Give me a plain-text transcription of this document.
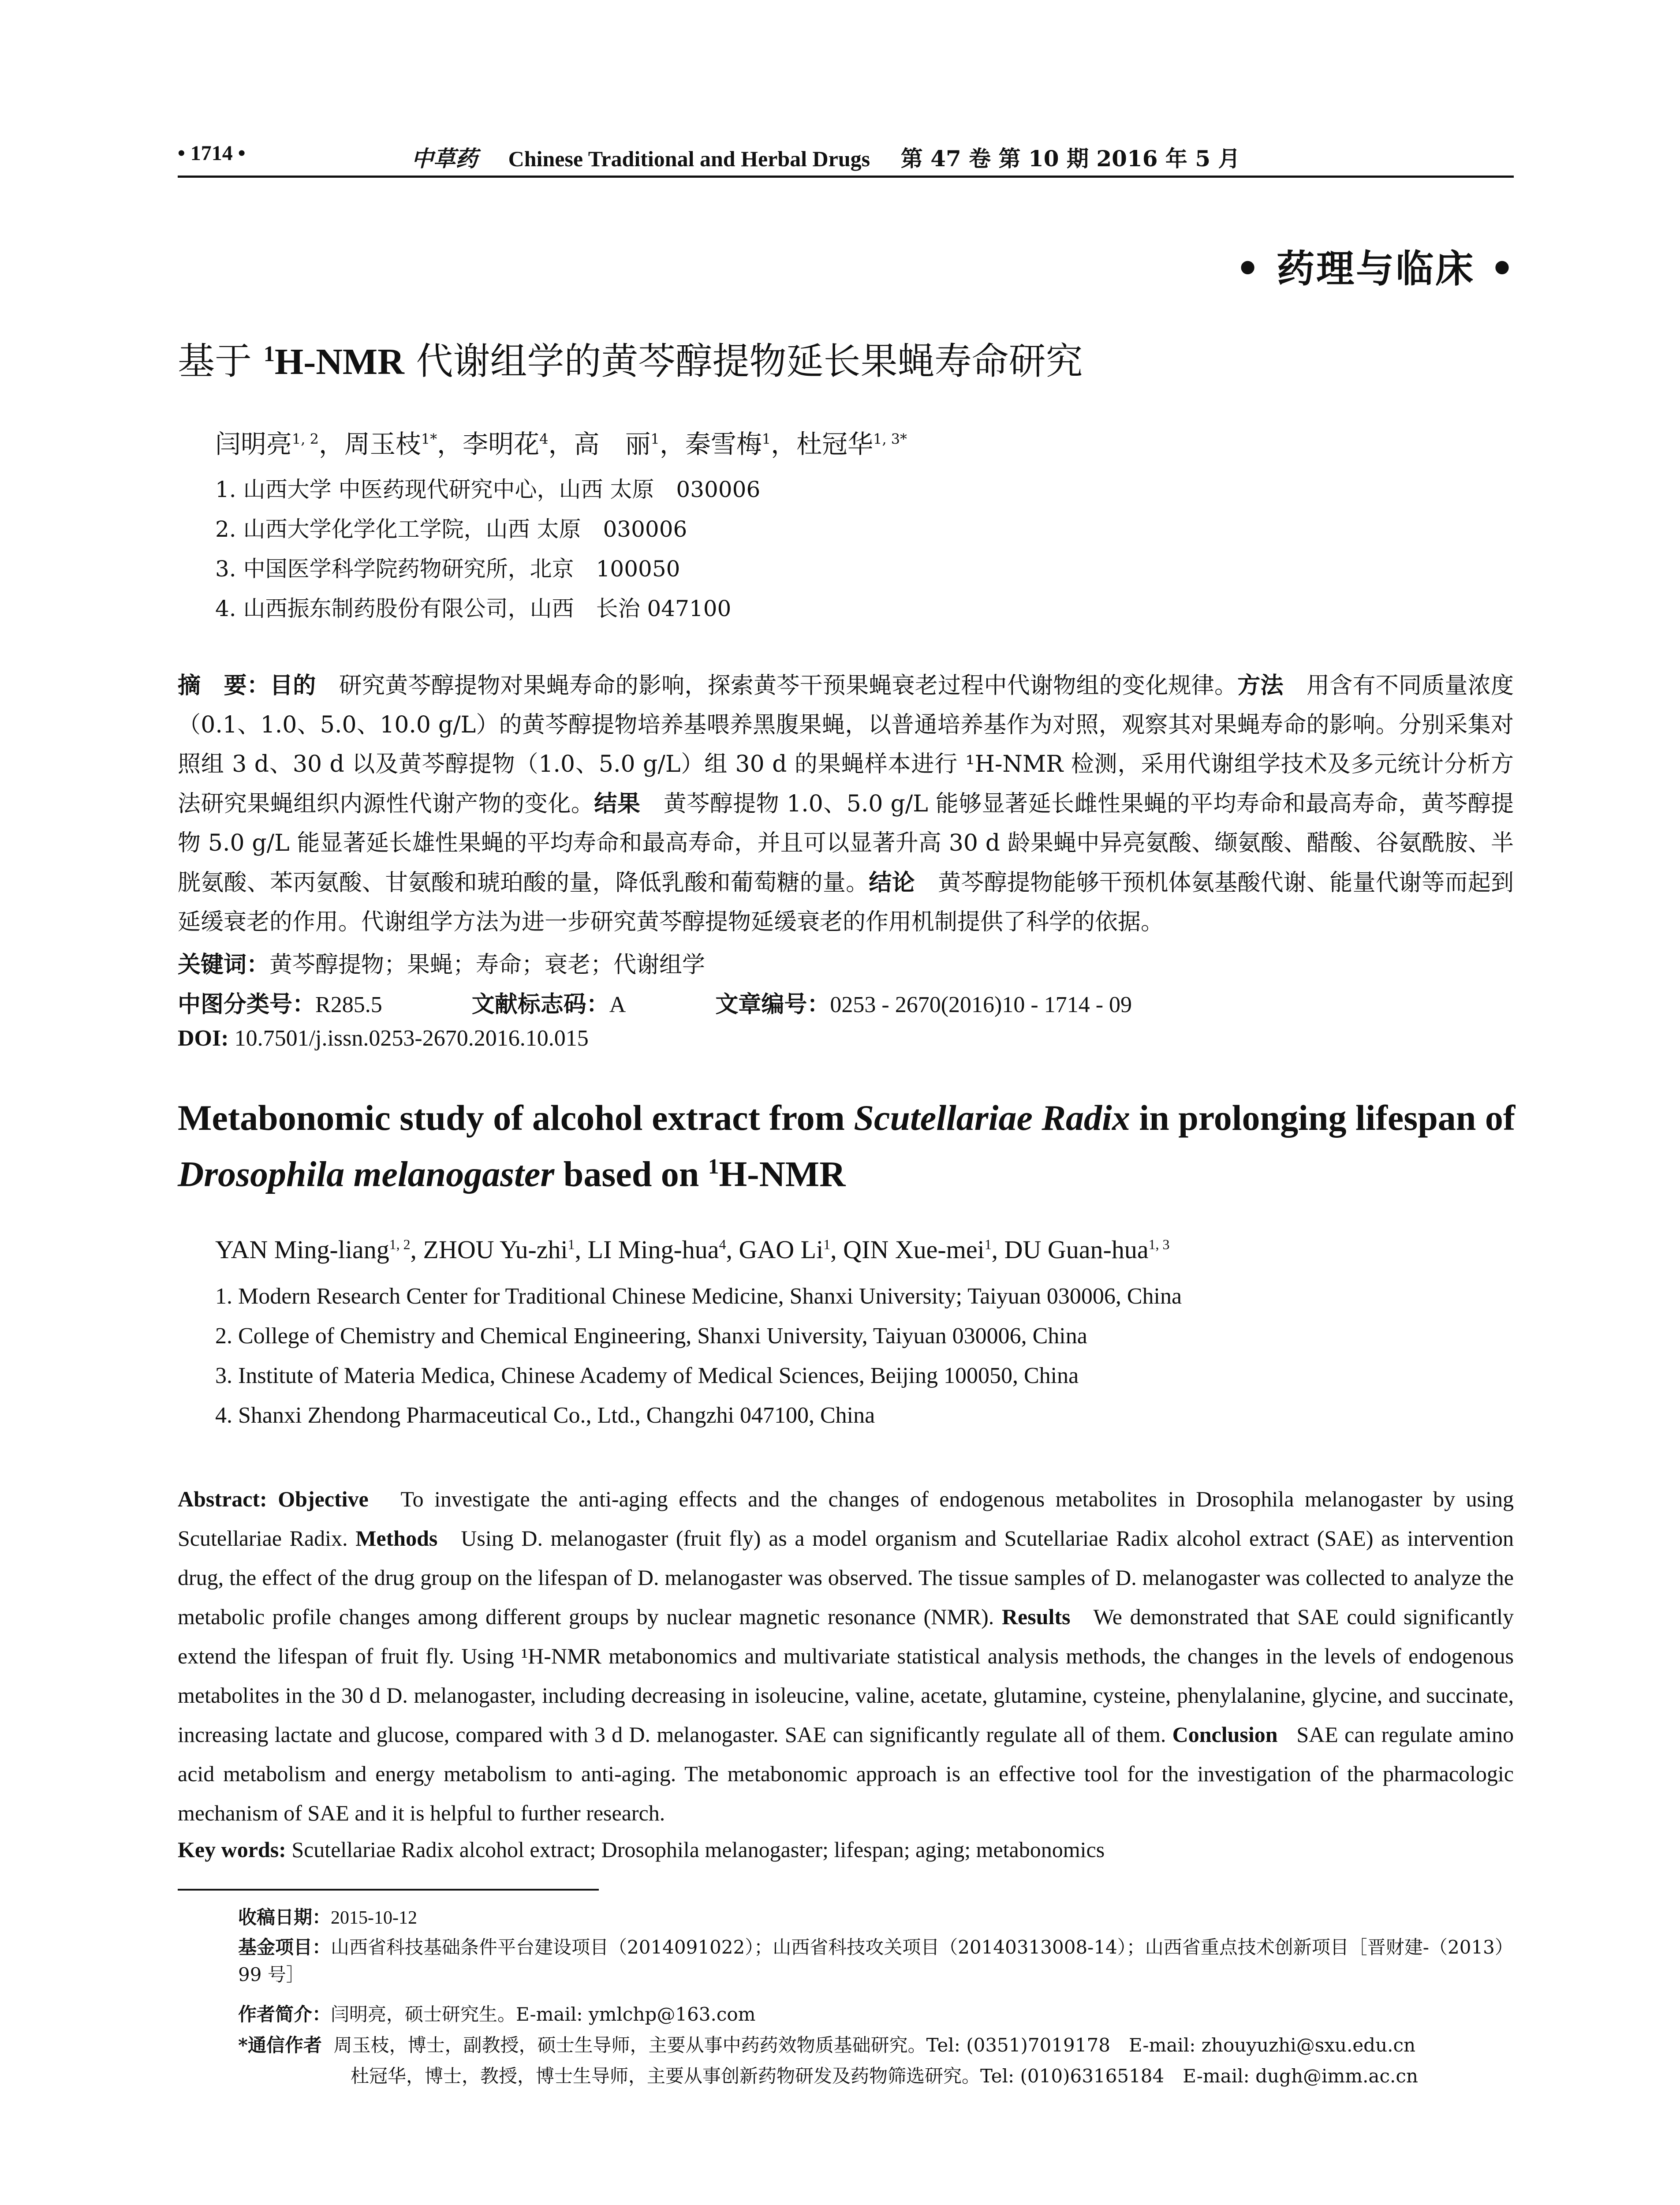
• 1714 •	中草药 Chinese Traditional and Herbal Drugs 第 47 卷 第 10 期 2016 年 5 月
• 药理与临床 •
基于 $^1$H-NMR 代谢组学的黄芩醇提物延长果蝇寿命研究
闫明亮$^{1, 2}$，周玉枝$^{1*}$，李明花$^4$，高　丽$^1$，秦雪梅$^1$，杜冠华$^{1, 3*}$
1. 山西大学 中医药现代研究中心，山西 太原　030006
2. 山西大学化学化工学院，山西 太原　030006
3. 中国医学科学院药物研究所，北京　100050
4. 山西振东制药股份有限公司，山西　长治 047100
摘　要：目的　 研究黄芩醇提物对果蝇寿命的影响，探索黄芩干预果蝇衰老过程中代谢物组的变化规律。方法　 用含有不同质量浓度（0.1、1.0、5.0、10.0 g/L）的黄芩醇提物培养基喂养黑腹果蝇，以普通培养基作为对照，观察其对果蝇寿命的影响。分别采集对照组 3 d、30 d 以及黄芩醇提物（1.0、5.0 g/L）组 30 d 的果蝇样本进行 ¹H-NMR 检测，采用代谢组学技术及多元统计分析方法研究果蝇组织内源性代谢产物的变化。结果　 黄芩醇提物 1.0、5.0 g/L 能够显著延长雌性果蝇的平均寿命和最高寿命，黄芩醇提物 5.0 g/L 能显著延长雄性果蝇的平均寿命和最高寿命，并且可以显著升高 30 d 龄果蝇中异亮氨酸、缬氨酸、醋酸、谷氨酰胺、半胱氨酸、苯丙氨酸、甘氨酸和琥珀酸的量，降低乳酸和葡萄糖的量。结论　 黄芩醇提物能够干预机体氨基酸代谢、能量代谢等而起到延缓衰老的作用。代谢组学方法为进一步研究黄芩醇提物延缓衰老的作用机制提供了科学的依据。
关键词：黄芩醇提物；果蝇；寿命；衰老；代谢组学
中图分类号：R285.5	文献标志码：A	文章编号：0253 - 2670(2016)10 - 1714 - 09
DOI: 10.7501/j.issn.0253-2670.2016.10.015
Metabonomic study of alcohol extract from Scutellariae Radix in prolonging lifespan of Drosophila melanogaster based on $^1$H-NMR
YAN Ming-liang$^{1, 2}$, ZHOU Yu-zhi$^1$, LI Ming-hua$^4$, GAO Li$^1$, QIN Xue-mei$^1$, DU Guan-hua$^{1, 3}$
1. Modern Research Center for Traditional Chinese Medicine, Shanxi University; Taiyuan 030006, China
2. College of Chemistry and Chemical Engineering, Shanxi University, Taiyuan 030006, China
3. Institute of Materia Medica, Chinese Academy of Medical Sciences, Beijing 100050, China
4. Shanxi Zhendong Pharmaceutical Co., Ltd., Changzhi 047100, China
Abstract: Objective To investigate the anti-aging effects and the changes of endogenous metabolites in Drosophila melanogaster by using Scutellariae Radix. Methods Using D. melanogaster (fruit fly) as a model organism and Scutellariae Radix alcohol extract (SAE) as intervention drug, the effect of the drug group on the lifespan of D. melanogaster was observed. The tissue samples of D. melanogaster was collected to analyze the metabolic profile changes among different groups by nuclear magnetic resonance (NMR). Results We demonstrated that SAE could significantly extend the lifespan of fruit fly. Using ¹H-NMR metabonomics and multivariate statistical analysis methods, the changes in the levels of endogenous metabolites in the 30 d D. melanogaster, including decreasing in isoleucine, valine, acetate, glutamine, cysteine, phenylalanine, glycine, and succinate, increasing lactate and glucose, compared with 3 d D. melanogaster. SAE can significantly regulate all of them. Conclusion SAE can regulate amino acid metabolism and energy metabolism to anti-aging. The metabonomic approach is an effective tool for the investigation of the pharmacologic mechanism of SAE and it is helpful to further research.
Key words: Scutellariae Radix alcohol extract; Drosophila melanogaster; lifespan; aging; metabonomics
收稿日期：2015-10-12
基金项目：山西省科技基础条件平台建设项目（2014091022）；山西省科技攻关项目（20140313008-14）；山西省重点技术创新项目［晋财建-（2013）99 号］
作者简介：闫明亮，硕士研究生。E-mail: ymlchp@163.com
*通信作者 周玉枝，博士，副教授，硕士生导师，主要从事中药药效物质基础研究。Tel: (0351)7019178　E-mail: zhouyuzhi@sxu.edu.cn
杜冠华，博士，教授，博士生导师，主要从事创新药物研发及药物筛选研究。Tel: (010)63165184　E-mail: dugh@imm.ac.cn
